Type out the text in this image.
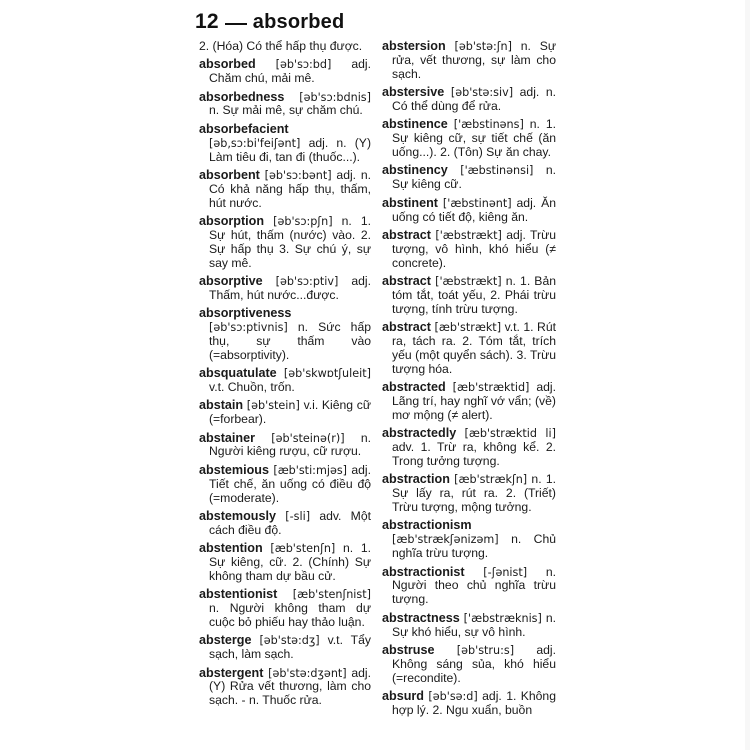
12 absorbed
2. (Hóa) Có thể hấp thụ được.
absorbed [əb'sɔ:bd] adj. Chăm chú, mải mê.
absorbedness [əb'sɔ:bdnis] n. Sự mải mê, sự chăm chú.
absorbefacient [əb,sɔ:bi'feiʃənt] adj. n. (Y) Làm tiêu đi, tan đi (thuốc...).
absorbent [əb'sɔ:bənt] adj. n. Có khả năng hấp thụ, thấm, hút nước.
absorption [əb'sɔ:pʃn] n. 1. Sự hút, thấm (nước) vào. 2. Sự hấp thụ 3. Sự chú ý, sự say mê.
absorptive [əb'sɔ:ptiv] adj. Thấm, hút nước...được.
absorptiveness [əb'sɔ:ptivnis] n. Sức hấp thụ, sự thấm vào (=absorptivity).
absquatulate [əb'skwɒtʃuleit] v.t. Chuồn, trốn.
abstain [əb'stein] v.i. Kiêng cữ (=forbear).
abstainer [əb'steinə(r)] n. Người kiêng rượu, cữ rượu.
abstemious [æb'sti:mjəs] adj. Tiết chế, ăn uống có điều độ (=moderate).
abstemously [-sli] adv. Một cách điều độ.
abstention [æb'stenʃn] n. 1. Sự kiêng, cữ. 2. (Chính) Sự không tham dự bầu cử.
abstentionist [æb'stenʃnist] n. Người không tham dự cuộc bỏ phiếu hay thảo luận.
absterge [əb'stə:dʒ] v.t. Tẩy sạch, làm sạch.
abstergent [əb'stə:dʒənt] adj. (Y) Rửa vết thương, làm cho sạch. - n. Thuốc rửa.
abstersion [əb'stə:ʃn] n. Sự rửa, vết thương, sự làm cho sạch.
abstersive [əb'stə:siv] adj. n. Có thể dùng để rửa.
abstinence ['æbstinəns] n. 1. Sự kiêng cữ, sự tiết chế (ăn uống...). 2. (Tôn) Sự ăn chay.
abstinency ['æbstinənsi] n. Sự kiêng cữ.
abstinent ['æbstinənt] adj. Ăn uống có tiết độ, kiêng ăn.
abstract ['æbstrækt] adj. Trừu tượng, vô hình, khó hiểu (≠ concrete).
abstract ['æbstrækt] n. 1. Bản tóm tắt, toát yếu, 2. Phái trừu tượng, tính trừu tượng.
abstract [æb'strækt] v.t. 1. Rút ra, tách ra. 2. Tóm tắt, trích yếu (một quyển sách). 3. Trừu tượng hóa.
abstracted [æb'stræktid] adj. Lãng trí, hay nghĩ vớ vẩn; (về) mơ mộng (≠ alert).
abstractedly [æb'stræktid li] adv. 1. Trừ ra, không kể. 2. Trong tưởng tượng.
abstraction [æb'strækʃn] n. 1. Sự lấy ra, rút ra. 2. (Triết) Trừu tượng, mộng tưởng.
abstractionism [æb'strækʃənizəm] n. Chủ nghĩa trừu tượng.
abstractionist [-ʃənist] n. Người theo chủ nghĩa trừu tượng.
abstractness ['æbstræknis] n. Sự khó hiểu, sự vô hình.
abstruse [əb'stru:s] adj. Không sáng sủa, khó hiểu (=recondite).
absurd [əb'sə:d] adj. 1. Không hợp lý. 2. Ngu xuẩn, buồn
